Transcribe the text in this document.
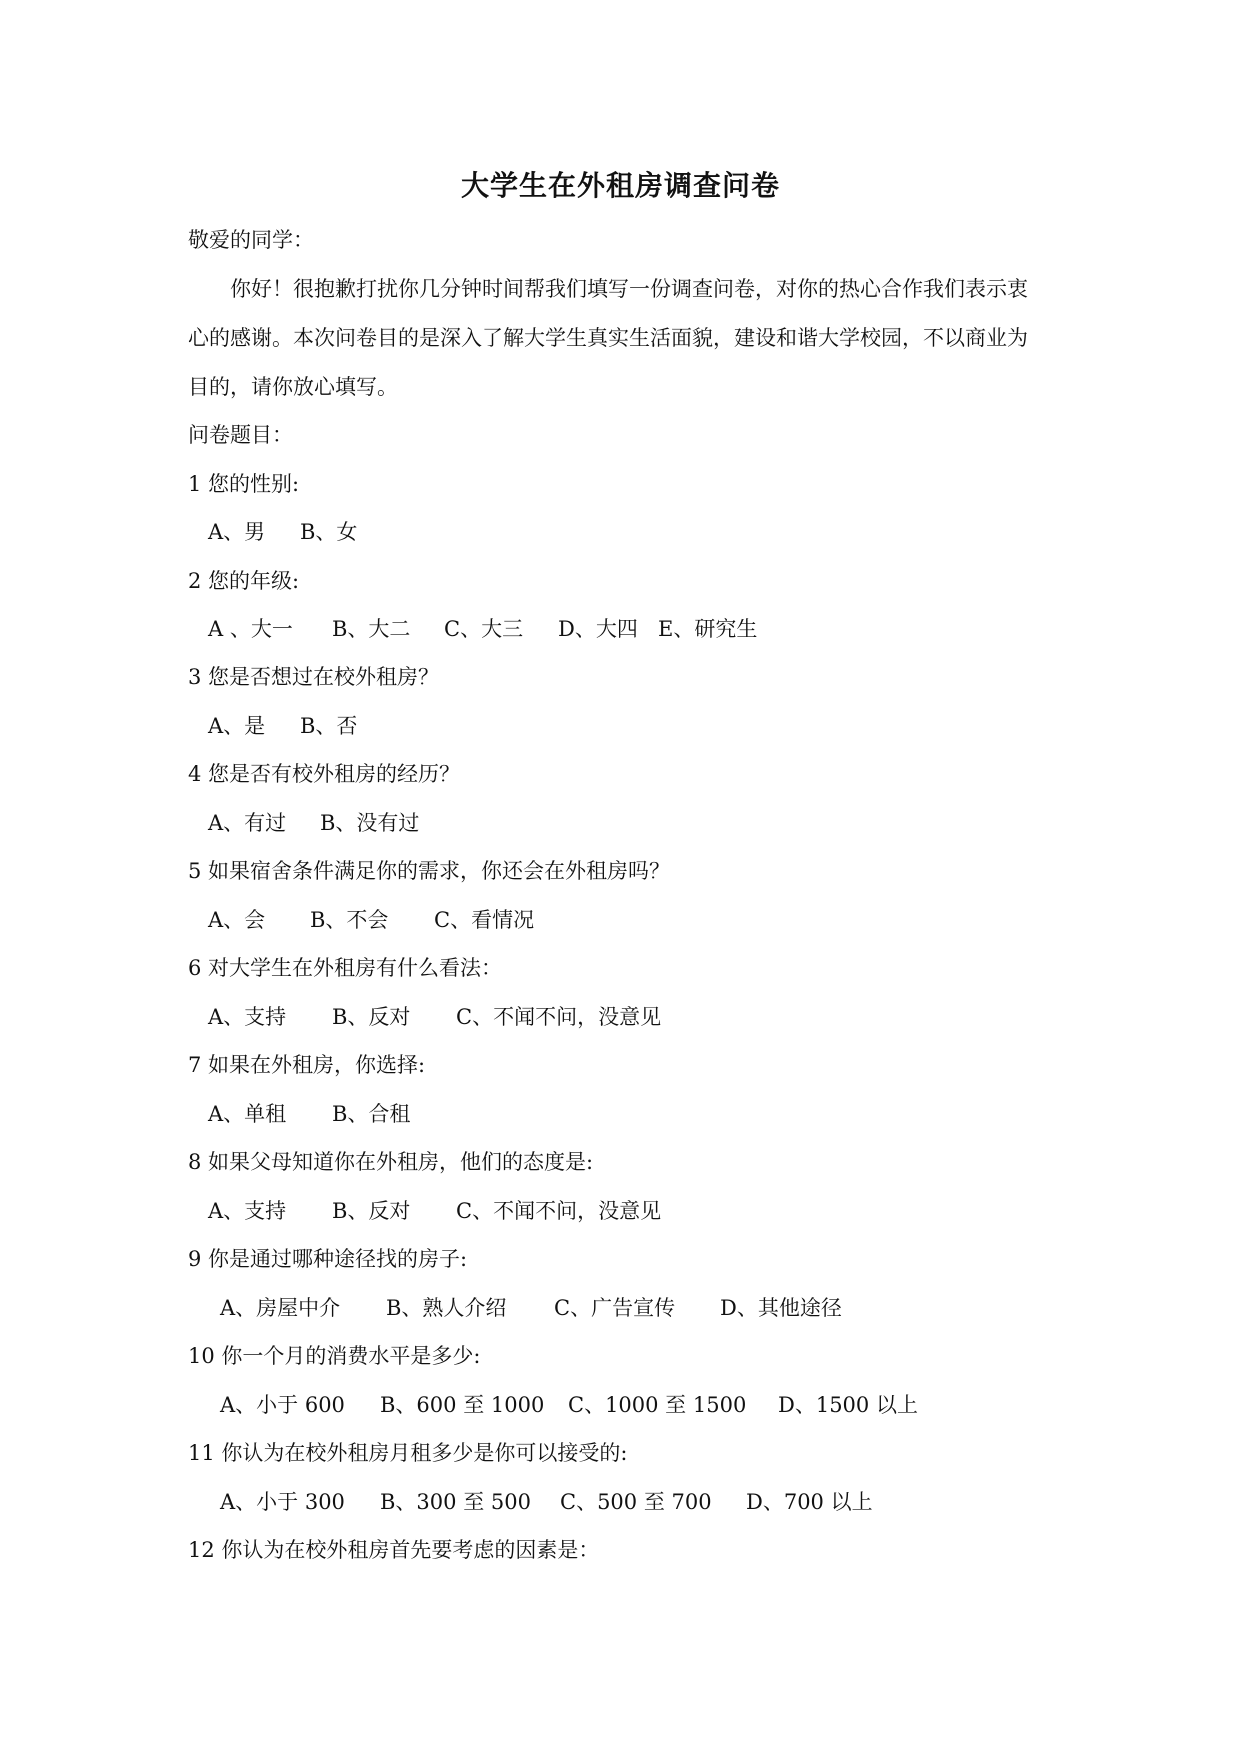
大学生在外租房调查问卷
敬爱的同学：
你好！很抱歉打扰你几分钟时间帮我们填写一份调查问卷，对你的热心合作我们表示衷
心的感谢。本次问卷目的是深入了解大学生真实生活面貌，建设和谐大学校园，不以商业为
目的，请你放心填写。
问卷题目：
1 您的性别:
A、男 B、女
2 您的年级:
A 、大一 B、大二 C、大三 D、大四 E、研究生
3 您是否想过在校外租房？
A、是 B、否
4 您是否有校外租房的经历？
A、有过 B、没有过
5 如果宿舍条件满足你的需求，你还会在外租房吗？
A、会 B、不会 C、看情况
6 对大学生在外租房有什么看法：
A、支持 B、反对 C、不闻不问，没意见
7 如果在外租房，你选择:
A、单租 B、合租
8 如果父母知道你在外租房，他们的态度是:
A、支持 B、反对 C、不闻不问，没意见
9 你是通过哪种途径找的房子:
A、房屋中介 B、熟人介绍 C、广告宣传 D、其他途径
10 你一个月的消费水平是多少:
A、小于 600 B、600 至 1000 C、1000 至 1500 D、1500 以上
11 你认为在校外租房月租多少是你可以接受的:
A、小于 300 B、300 至 500 C、500 至 700 D、700 以上
12 你认为在校外租房首先要考虑的因素是：
